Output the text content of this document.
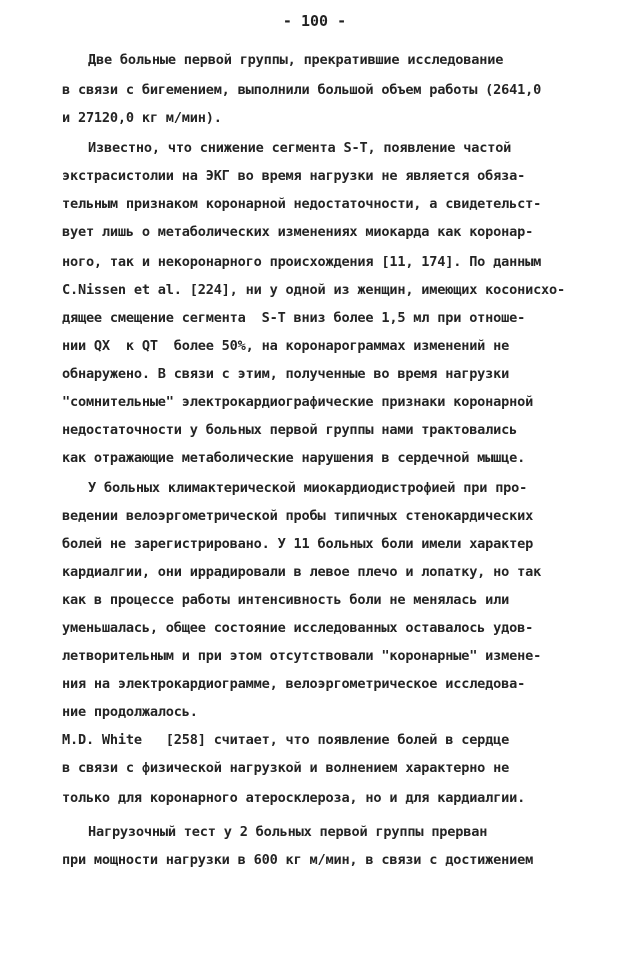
- 100 -
Две больные первой группы, прекратившие исследование
в связи с бигемением, выполнили большой объем работы (2641,0
и 27120,0 кг м/мин).
Известно, что снижение сегмента S-T, появление частой
экстрасистолии на ЭКГ во время нагрузки не является обяза-
тельным признаком коронарной недостаточности, а свидетельст-
вует лишь о метаболических изменениях миокарда как коронар-
ного, так и некоронарного происхождения [11, 174]. По данным
C.Nissen et al. [224], ни у одной из женщин, имеющих косонисхо-
дящее смещение сегмента  S-T вниз более 1,5 мл при отноше-
нии QX  к QT  более 50%, на коронарограммах изменений не
обнаружено. В связи с этим, полученные во время нагрузки
"сомнительные" электрокардиографические признаки коронарной
недостаточности у больных первой группы нами трактовались
как отражающие метаболические нарушения в сердечной мышце.
У больных климактерической миокардиодистрофией при про-
ведении велоэргометрической пробы типичных стенокардических
болей не зарегистрировано. У 11 больных боли имели характер
кардиалгии, они иррадировали в левое плечо и лопатку, но так
как в процессе работы интенсивность боли не менялась или
уменьшалась, общее состояние исследованных оставалось удов-
летворительным и при этом отсутствовали "коронарные" измене-
ния на электрокардиограмме, велоэргометрическое исследова-
ние продолжалось.
M.D. White   [258] считает, что появление болей в сердце
в связи с физической нагрузкой и волнением характерно не
только для коронарного атеросклероза, но и для кардиалгии.
Нагрузочный тест у 2 больных первой группы прерван
при мощности нагрузки в 600 кг м/мин, в связи с достижением
